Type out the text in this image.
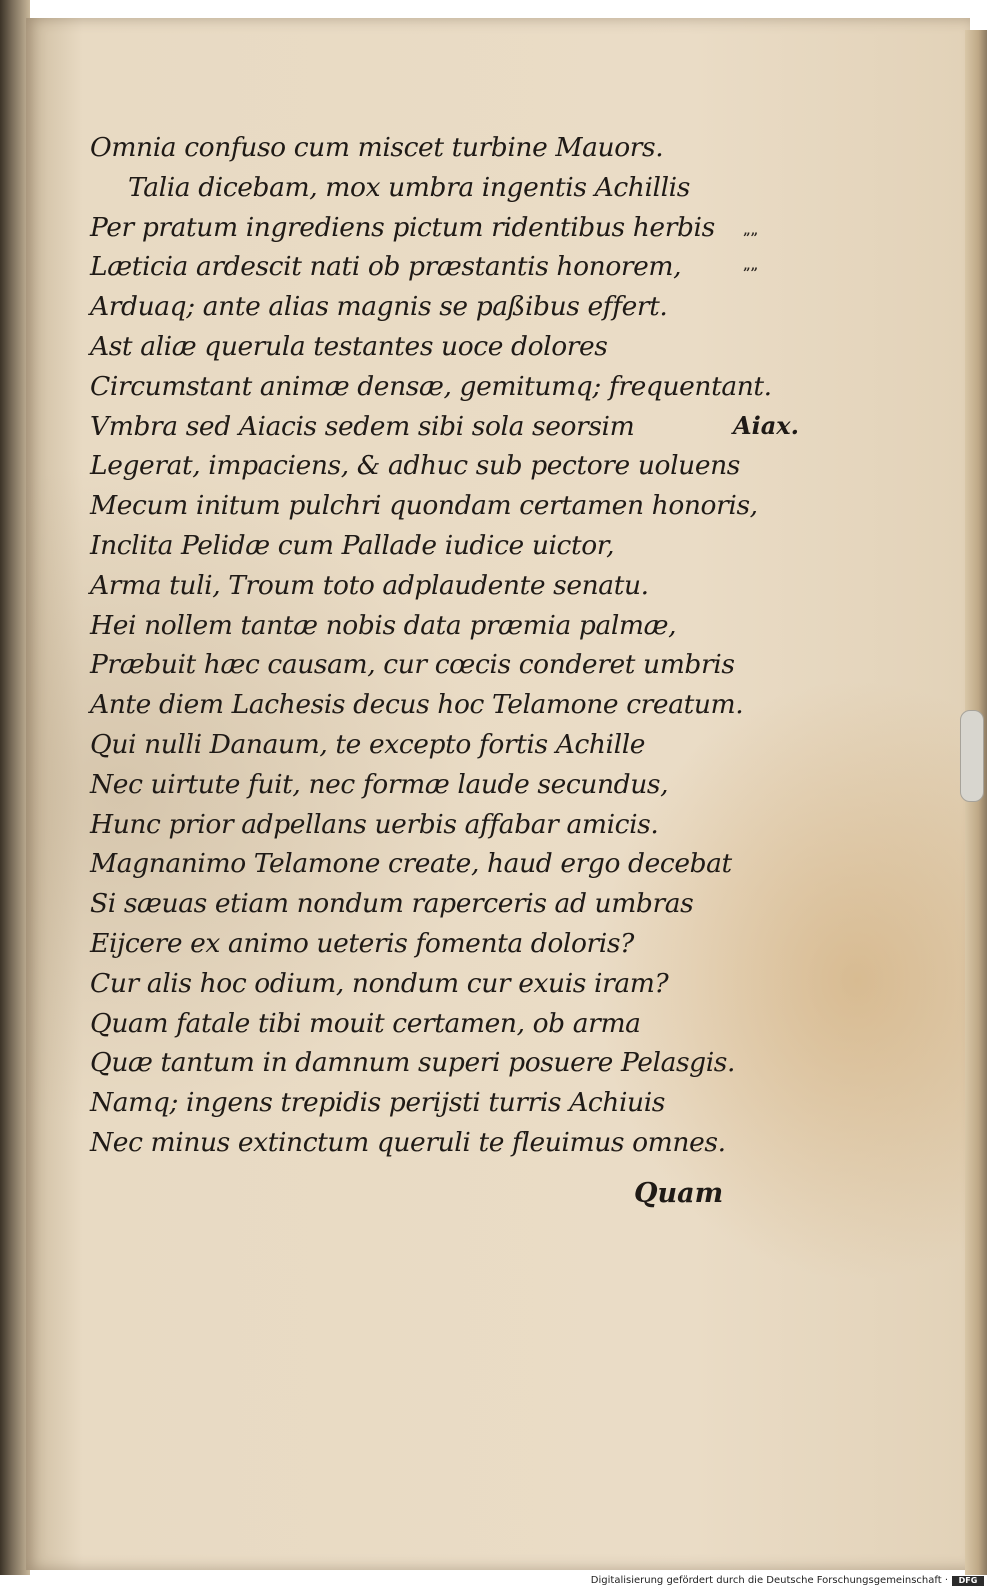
Omnia confuso cum miscet turbine Mauors.
Talia dicebam, mox umbra ingentis Achillis
Per pratum ingrediens pictum ridentibus herbis
Læticia ardescit nati ob præstantis honorem,
Arduaq; ante alias magnis se paßibus effert.
Ast aliæ querula testantes uoce dolores
Circumstant animæ densæ, gemitumq; frequentant.
Vmbra sed Aiacis sedem sibi sola seorsim
Legerat, impaciens, & adhuc sub pectore uoluens
Mecum initum pulchri quondam certamen honoris,
Inclita Pelidæ cum Pallade iudice uictor,
Arma tuli, Troum toto adplaudente senatu.
Hei nollem tantæ nobis data præmia palmæ,
Præbuit hæc causam, cur cœcis conderet umbris
Ante diem Lachesis decus hoc Telamone creatum.
Qui nulli Danaum, te excepto fortis Achille
Nec uirtute fuit, nec formæ laude secundus,
Hunc prior adpellans uerbis affabar amicis.
Magnanimo Telamone create, haud ergo decebat
Si sæuas etiam nondum raperceris ad umbras
Eijcere ex animo ueteris fomenta doloris?
Cur alis hoc odium, nondum cur exuis iram?
Quam fatale tibi mouit certamen, ob arma
Quæ tantum in damnum superi posuere Pelasgis.
Namq; ingens trepidis perijsti turris Achiuis
Nec minus extinctum queruli te fleuimus omnes.
Aiax.
””
””
Quam
Digitalisierung gefördert durch die Deutsche Forschungsgemeinschaft ·	DFG
